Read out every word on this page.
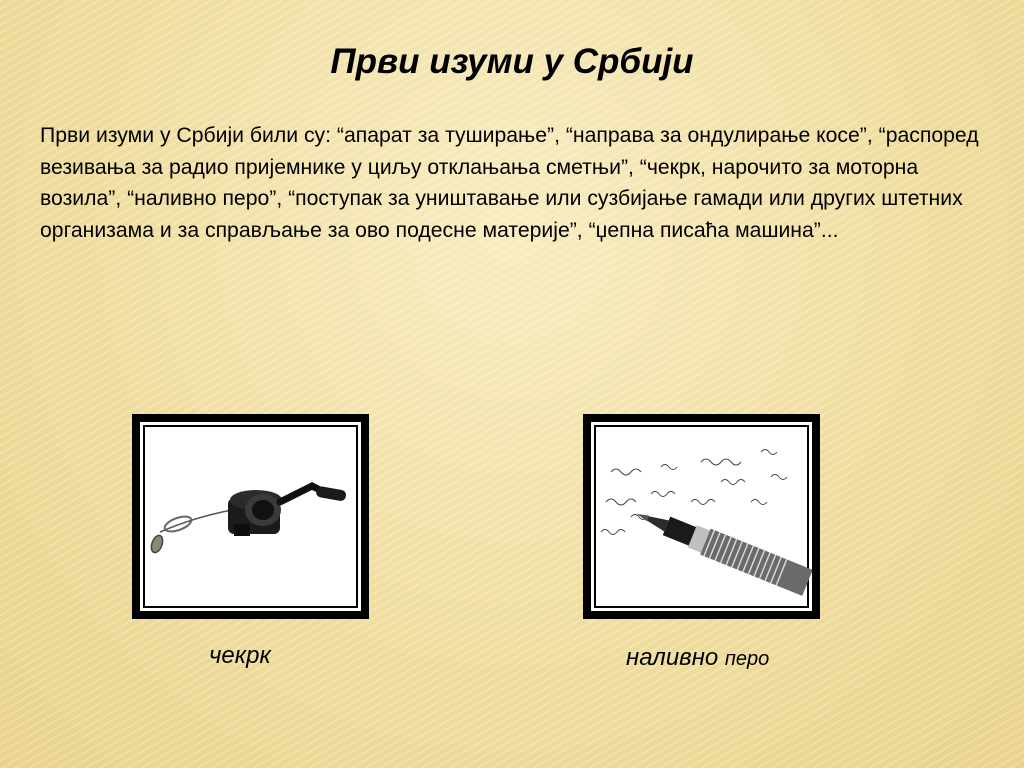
Први изуми у Србији
Први изуми у Србији били су: “апарат за туширање”, “направа за ондулирање косе”, “распоред везивања за радио пријемнике у циљу отклањања сметњи”, “чекрк, нарочито за моторна возила”, “наливно перо”, “поступак за уништавање или сузбијање гамади или других штетних организама и за справљање за ово подесне материје”, “џепна писаћа машина”...
чекрк	наливно перо
